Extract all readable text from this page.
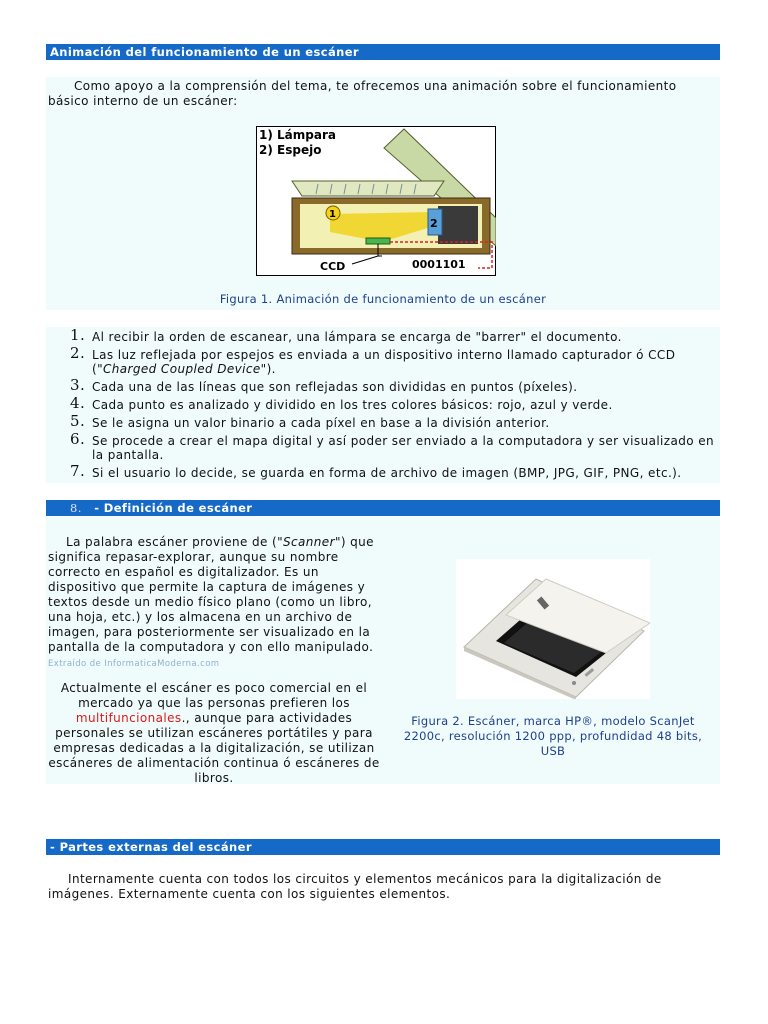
Animación del funcionamiento de un escáner

Como apoyo a la comprensión del tema, te ofrecemos una animación sobre el funcionamiento básico interno de un escáner:

1) Lámpara
2) Espejo
1
2
CCD	0001101
Figura 1. Animación de funcionamiento de un escáner
1. Al recibir la orden de escanear, una lámpara se encarga de "barrer" el documento.
2. Las luz reflejada por espejos es enviada a un dispositivo interno llamado capturador ó CCD ("Charged Coupled Device").
3. Cada una de las líneas que son reflejadas son divididas en puntos (píxeles).
4. Cada punto es analizado y dividido en los tres colores básicos: rojo, azul y verde.
5. Se le asigna un valor binario a cada píxel en base a la división anterior.
6. Se procede a crear el mapa digital y así poder ser enviado a la computadora y ser visualizado en la pantalla.
7. Si el usuario lo decide, se guarda en forma de archivo de imagen (BMP, JPG, GIF, PNG, etc.).
8. - Definición de escáner

La palabra escáner proviene de ("Scanner") que significa repasar-explorar, aunque su nombre correcto en español es digitalizador. Es un dispositivo que permite la captura de imágenes y textos desde un medio físico plano (como un libro, una hoja, etc.) y los almacena en un archivo de imagen, para posteriormente ser visualizado en la pantalla de la computadora y con ello manipulado.
Extraído de InformaticaModerna.com

Actualmente el escáner es poco comercial en el mercado ya que las personas prefieren los multifuncionales., aunque para actividades personales se utilizan escáneres portátiles y para empresas dedicadas a la digitalización, se utilizan escáneres de alimentación continua ó escáneres de libros.

Figura 2. Escáner, marca HP®, modelo ScanJet 2200c, resolución 1200 ppp, profundidad 48 bits, USB
- Partes externas del escáner

Internamente cuenta con todos los circuitos y elementos mecánicos para la digitalización de imágenes. Externamente cuenta con los siguientes elementos.
